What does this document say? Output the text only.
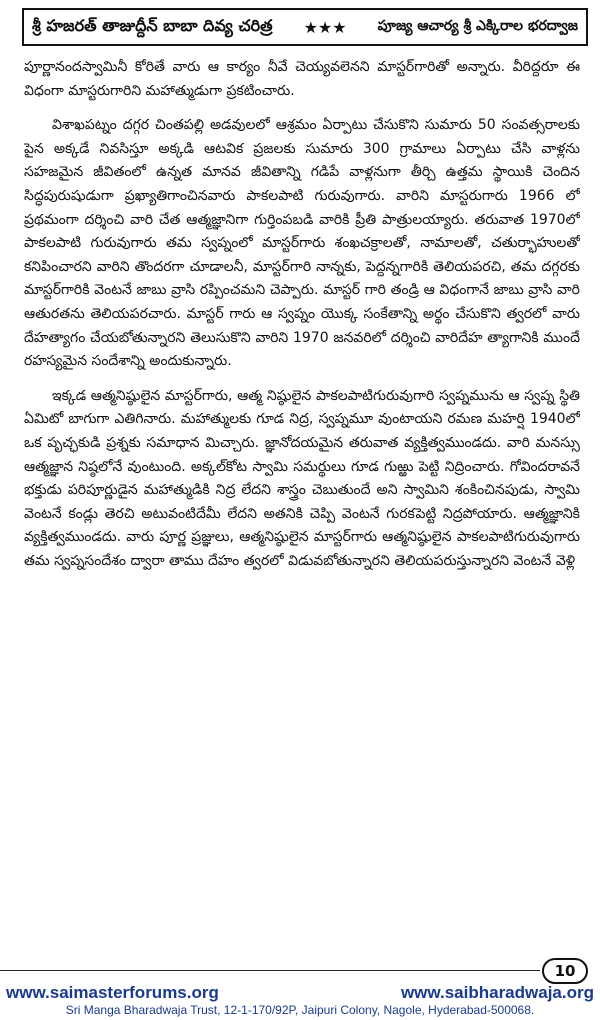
శ్రీ హజరత్ తాజుద్దీన్ బాబా దివ్య చరిత్ర ★★★ పూజ్య ఆచార్య శ్రీ ఎక్కిరాల భరద్వాజ

పూర్ణానందస్వామినీ కోరితే వారు ఆ కార్యం నీవే చెయ్యవలెనని మాస్టర్‌గారితో అన్నారు. వీరిద్దరూ ఈ విధంగా మాస్టరుగారిని మహాత్ముడుగా ప్రకటించారు.

విశాఖపట్నం దగ్గర చింతపల్లి అడవులలో ఆశ్రమం ఏర్పాటు చేసుకొని సుమారు 50 సంవత్సరాలకు పైన అక్కడే నివసిస్తూ అక్కడి ఆటవిక ప్రజలకు సుమారు 300 గ్రామాలు ఏర్పాటు చేసి వాళ్లను సహజమైన జీవితంలో ఉన్నత మానవ జీవితాన్ని గడిపే వాళ్లనుగా తీర్చి ఉత్తమ స్థాయికి చెందిన సిద్ధపురుషుడుగా ప్రఖ్యాతిగాంచినవారు పాకలపాటి గురువుగారు. వారిని మాస్టరుగారు 1966 లో ప్రథమంగా దర్శించి వారి చేత ఆత్మజ్ఞానిగా గుర్తింపబడి వారికి ప్రీతి పాత్రులయ్యారు. తరువాత 1970లో పాకలపాటి గురువుగారు తమ స్వప్నంలో మాస్టర్‌గారు శంఖచక్రాలతో, నామాలతో, చతుర్భాహులతో కనిపించారని వారిని తొందరగా చూడాలనీ, మాస్టర్‌గారి నాన్నకు, పెద్దన్నగారికి తెలియపరచి, తమ దగ్గరకు మాస్టర్‌గారికి వెంటనే జాబు వ్రాసి రప్పించమని చెప్పారు. మాస్టర్ గారి తండ్రి ఆ విధంగానే జాబు వ్రాసి వారి ఆతురతను తెలియపరచారు. మాస్టర్ గారు ఆ స్వప్నం యొక్క సంకేతాన్ని అర్థం చేసుకొని త్వరలో వారు దేహత్యాగం చేయబోతున్నారని తెలుసుకొని వారిని 1970 జనవరిలో దర్శించి వారిదేహ త్యాగానికి ముందే రహస్యమైన సందేశాన్ని అందుకున్నారు.

ఇక్కడ ఆత్మనిష్ఠులైన మాస్టర్‌గారు, ఆత్మ నిష్ఠులైన పాకలపాటిగురువుగారి స్వప్నమును ఆ స్వప్న స్థితి ఏమిటో బాగుగా ఎతిగినారు. మహాత్ములకు గూడ నిద్ర, స్వప్నమూ వుంటాయని రమణ మహర్షి 1940లో ఒక పృచ్ఛకుడి ప్రశ్నకు సమాధాన మిచ్చారు. జ్ఞానోదయమైన తరువాత వ్యక్తిత్వముండదు. వారి మనస్సు ఆత్మజ్ఞాన నిష్ఠలోనే వుంటుంది. అక్కల్‌కోట స్వామి సమర్థులు గూడ గుఱ్ఱు పెట్టి నిద్రించారు. గోవిందరావనే భక్తుడు పరిపూర్ణుడైన మహాత్ముడికి నిద్ర లేదని శాస్త్రం చెబుతుందే అని స్వామిని శంకించినపుడు, స్వామి వెంటనే కండ్లు తెరచి అటువంటిదేమీ లేదని అతనికి చెప్పి వెంటనే గురకపెట్టి నిద్రపోయారు. ఆత్మజ్ఞానికి వ్యక్తిత్వముండదు. వారు పూర్ణ ప్రజ్ఞులు, ఆత్మనిష్ఠులైన మాస్టర్‌గారు ఆత్మనిష్ఠులైన పాకలపాటిగురువుగారు తమ స్వప్నసందేశం ద్వారా తాము దేహం త్వరలో విడువబోతున్నారని తెలియపరుస్తున్నారని వెంటనే వెళ్లి

10
www.saimasterforums.org	www.saibharadwaja.org
Sri Manga Bharadwaja Trust, 12-1-170/92P, Jaipuri Colony, Nagole, Hyderabad-500068.
